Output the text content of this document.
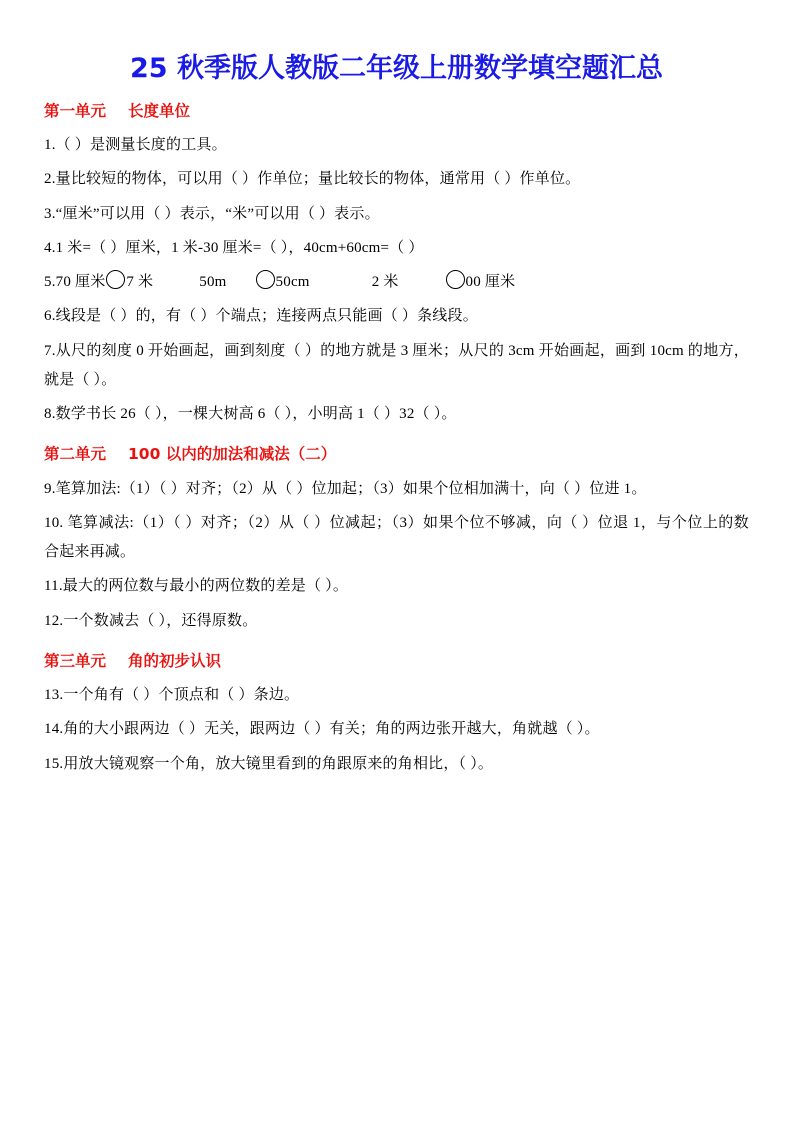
25 秋季版人教版二年级上册数学填空题汇总
第一单元 长度单位

1.（ ）是测量长度的工具。

2.量比较短的物体，可以用（ ）作单位；量比较长的物体，通常用（ ）作单位。

3.“厘米”可以用（ ）表示，“米”可以用（ ）表示。

4.1 米=（ ）厘米，1 米-30 厘米=（ ），40cm+60cm=（ ）

5.70 厘米 7 米	50m	50cm	2 米	00 厘米

6.线段是（ ）的，有（ ）个端点；连接两点只能画（ ）条线段。

7.从尺的刻度 0 开始画起，画到刻度（ ）的地方就是 3 厘米；从尺的 3cm 开始画起，画到 10cm 的地方，就是（ ）。

8.数学书长 26（ ），一棵大树高 6（ ），小明高 1（ ）32（ ）。

第二单元 100 以内的加法和减法（二）

9.笔算加法:（1）（ ）对齐；（2）从（ ）位加起；（3）如果个位相加满十，向（ ）位进 1。

10. 笔算减法:（1）（ ）对齐；（2）从（ ）位减起；（3）如果个位不够减，向（ ）位退 1，与个位上的数合起来再减。

11.最大的两位数与最小的两位数的差是（ ）。

12.一个数减去（ ），还得原数。

第三单元 角的初步认识

13.一个角有（ ）个顶点和（ ）条边。

14.角的大小跟两边（ ）无关，跟两边（ ）有关；角的两边张开越大，角就越（ ）。

15.用放大镜观察一个角，放大镜里看到的角跟原来的角相比，（ ）。
